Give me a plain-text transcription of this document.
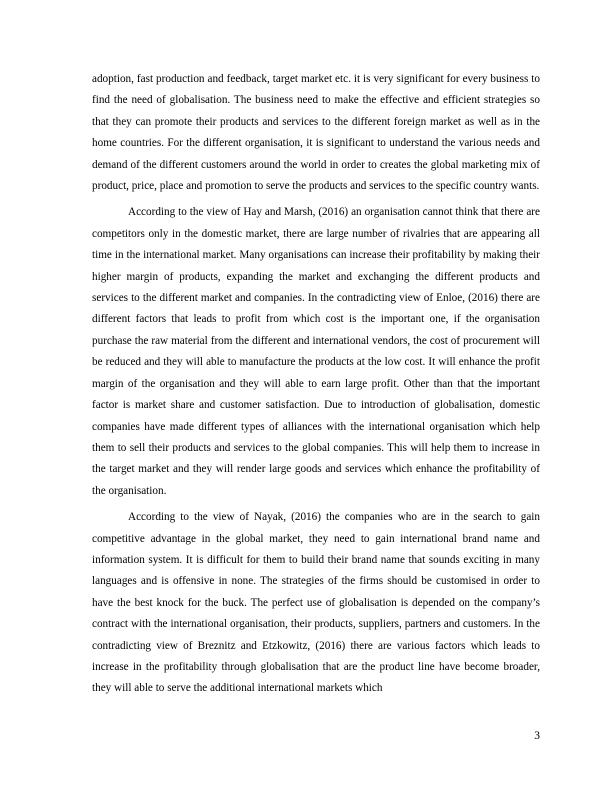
adoption, fast production and feedback, target market etc. it is very significant for every business to find the need of globalisation. The business need to make the effective and efficient strategies so that they can promote their products and services to the different foreign market as well as in the home countries. For the different organisation, it is significant to understand the various needs and demand of the different customers around the world in order to creates the global marketing mix of product, price, place and promotion to serve the products and services to the specific country wants.

According to the view of Hay and Marsh, (2016) an organisation cannot think that there are competitors only in the domestic market, there are large number of rivalries that are appearing all time in the international market. Many organisations can increase their profitability by making their higher margin of products, expanding the market and exchanging the different products and services to the different market and companies. In the contradicting view of Enloe, (2016) there are different factors that leads to profit from which cost is the important one, if the organisation purchase the raw material from the different and international vendors, the cost of procurement will be reduced and they will able to manufacture the products at the low cost. It will enhance the profit margin of the organisation and they will able to earn large profit. Other than that the important factor is market share and customer satisfaction. Due to introduction of globalisation, domestic companies have made different types of alliances with the international organisation which help them to sell their products and services to the global companies. This will help them to increase in the target market and they will render large goods and services which enhance the profitability of the organisation.

According to the view of Nayak, (2016) the companies who are in the search to gain competitive advantage in the global market, they need to gain international brand name and information system. It is difficult for them to build their brand name that sounds exciting in many languages and is offensive in none. The strategies of the firms should be customised in order to have the best knock for the buck. The perfect use of globalisation is depended on the company’s contract with the international organisation, their products, suppliers, partners and customers. In the contradicting view of Breznitz and Etzkowitz, (2016) there are various factors which leads to increase in the profitability through globalisation that are the product line have become broader, they will able to serve the additional international markets which

3
